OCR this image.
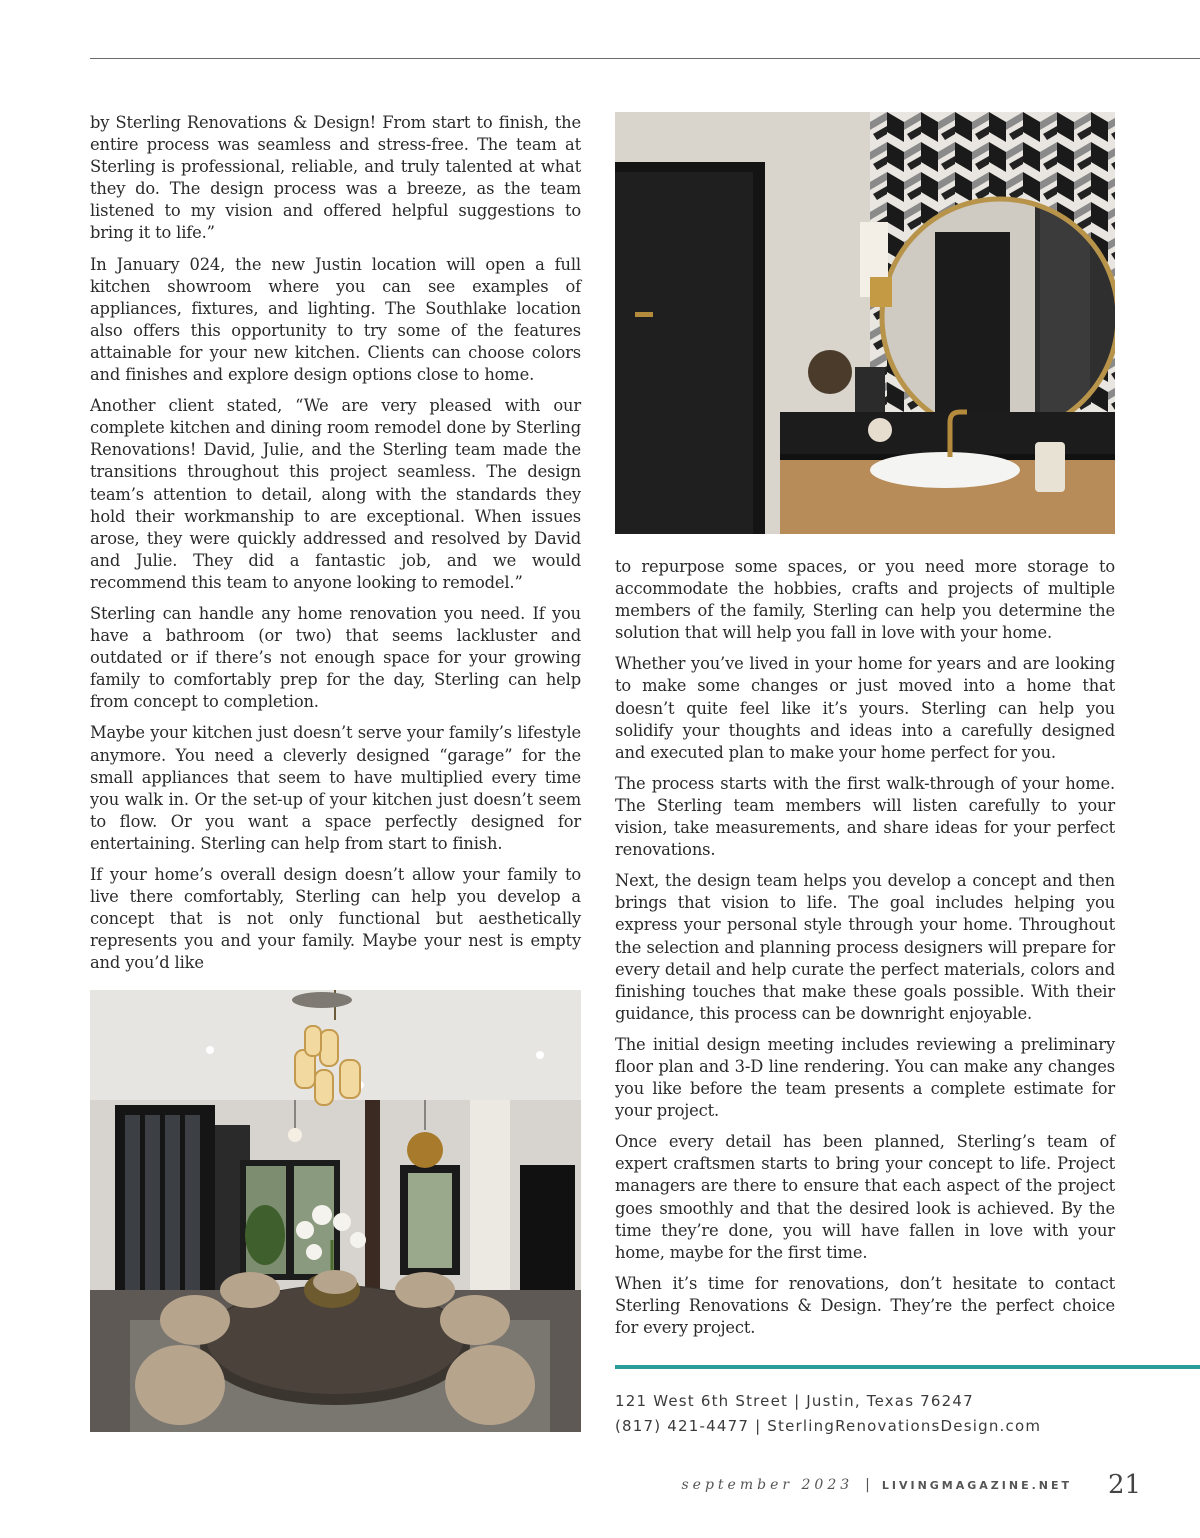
by Sterling Renovations & Design! From start to finish, the entire process was seamless and stress-free. The team at Sterling is professional, reliable, and truly talented at what they do. The design process was a breeze, as the team listened to my vision and offered helpful suggestions to bring it to life.”

In January 024, the new Justin location will open a full kitchen showroom where you can see examples of appliances, fixtures, and lighting. The Southlake location also offers this opportunity to try some of the features attainable for your new kitchen. Clients can choose colors and finishes and explore design options close to home.

Another client stated, “We are very pleased with our complete kitchen and dining room remodel done by Sterling Renovations! David, Julie, and the Sterling team made the transitions throughout this project seamless. The design team’s attention to detail, along with the standards they hold their workmanship to are exceptional. When issues arose, they were quickly addressed and resolved by David and Julie. They did a fantastic job, and we would recommend this team to anyone looking to remodel.”

Sterling can handle any home renovation you need. If you have a bathroom (or two) that seems lackluster and outdated or if there’s not enough space for your growing family to comfortably prep for the day, Sterling can help from concept to completion.

Maybe your kitchen just doesn’t serve your family’s lifestyle anymore. You need a cleverly designed “garage” for the small appliances that seem to have multiplied every time you walk in. Or the set-up of your kitchen just doesn’t seem to flow. Or you want a space perfectly designed for entertaining. Sterling can help from start to finish.

If your home’s overall design doesn’t allow your family to live there comfortably, Sterling can help you develop a concept that is not only functional but aesthetically represents you and your family. Maybe your nest is empty and you’d like

to repurpose some spaces, or you need more storage to accommodate the hobbies, crafts and projects of multiple members of the family, Sterling can help you determine the solution that will help you fall in love with your home.

Whether you’ve lived in your home for years and are looking to make some changes or just moved into a home that doesn’t quite feel like it’s yours. Sterling can help you solidify your thoughts and ideas into a carefully designed and executed plan to make your home perfect for you.

The process starts with the first walk-through of your home. The Sterling team members will listen carefully to your vision, take measurements, and share ideas for your perfect renovations.

Next, the design team helps you develop a concept and then brings that vision to life. The goal includes helping you express your personal style through your home. Throughout the selection and planning process designers will prepare for every detail and help curate the perfect materials, colors and finishing touches that make these goals possible. With their guidance, this process can be downright enjoyable.

The initial design meeting includes reviewing a preliminary floor plan and 3-D line rendering. You can make any changes you like before the team presents a complete estimate for your project.

Once every detail has been planned, Sterling’s team of expert craftsmen starts to bring your concept to life. Project managers are there to ensure that each aspect of the project goes smoothly and that the desired look is achieved. By the time they’re done, you will have fallen in love with your home, maybe for the first time.

When it’s time for renovations, don’t hesitate to contact Sterling Renovations & Design. They’re the perfect choice for every project.

121 West 6th Street | Justin, Texas 76247
(817) 421-4477 | SterlingRenovationsDesign.com
september 2023 | LIVINGMAGAZINE.NET 21
